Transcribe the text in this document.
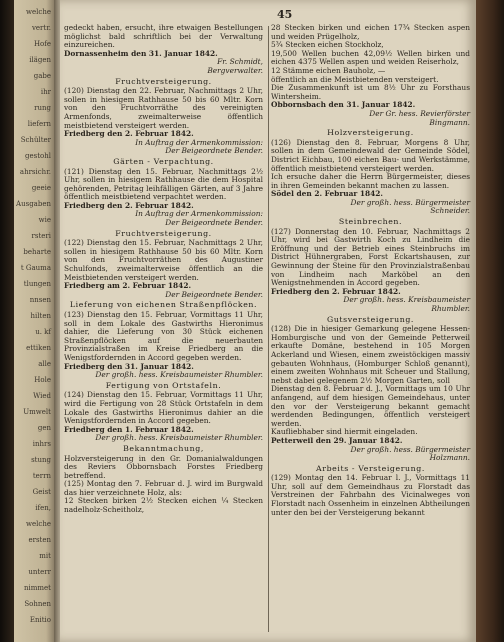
welche
vertr.
Hofe
ilägen
gabe
ihr
rung
liefern
Schülter
gestohl
ahrsichr.
geeie
Ausgaben
wie
rsteri
beharte
t Gauma
tlungen
nnsen
hilten
u. kf
ettiken
alle
Hole
Wied
Umwelt
gen
inhrs
stung
terrn
Geist
ifen,
welche
ersten
mit
unterr
nimmet
Sohnen
Enitio
45

gedeckt haben, ersucht, ihre etwaigen Bestellungen möglichst bald schriftlich bei der Verwaltung einzureichen.

Dornassenheim den 31. Januar 1842.

Fr. Schmidt,

Bergverwalter.

Fruchtversteigerung.

(120) Dienstag den 22. Februar, Nachmittags 2 Uhr, sollen in hiesigem Rathhause 50 bis 60 Mltr. Korn von den Fruchtvorräthe des vereinigten Armenfonds, zweimalterweise öffentlich meistbietend versteigert werden.

Friedberg den 2. Februar 1842.

In Auftrag der Armenkommission:

Der Beigeordnete Bender.

Gärten - Verpachtung.

(121) Dienstag den 15. Februar, Nachmittags 2½ Uhr, sollen in hiesigem Rathhause die dem Hospital gehörenden, Petritag leihfälligen Gärten, auf 3 Jahre öffentlich meistbietend verpachtet werden.

Friedberg den 2. Februar 1842.

In Auftrag der Armenkommission:

Der Beigeordnete Bender.

Fruchtversteigerung.

(122) Dienstag den 15. Februar, Nachmittags 2 Uhr, sollen in hiesigem Rathhause 50 bis 60 Mltr. Korn von den Fruchtvorräthen des Augustiner Schulfonds, zweimalterweise öffentlich an die Meistbietenden versteigert werden.

Friedberg am 2. Februar 1842.

Der Beigeordnete Bender.

Lieferung von eichenen Straßenpflöcken.

(123) Dienstag den 15. Februar, Vormittags 11 Uhr, soll in dem Lokale des Gastwirths Hieronimus dahier, die Lieferung von 30 Stück eichenen Straßenpflöcken auf die neuerbauten Provinzialstraßen im Kreise Friedberg an die Wenigstfordernden in Accord gegeben werden.

Friedberg den 31. Januar 1842.

Der großh. hess. Kreisbaumeister Rhumbler.

Fertigung von Ortstafeln.

(124) Dienstag den 15. Februar, Vormittags 11 Uhr, wird die Fertigung von 28 Stück Ortstafeln in dem Lokale des Gastwirths Hieronimus dahier an die Wenigstfordernden in Accord gegeben.

Friedberg den 1. Februar 1842.

Der großh. hess. Kreisbaumeister Rhumbler.

Bekanntmachung,

Holzversteigerung in den Gr. Domanialwaldungen des Reviers Obbornsbach Forstes Friedberg betreffend.

(125) Montag den 7. Februar d. J. wird im Burgwald das hier verzeichnete Holz, als:

12 Stecken birken 2½ Stecken eichen ¼ Stecken nadelholz-Scheitholz,

28 Stecken birken und eichen 17¾ Stecken aspen und weiden Prügelholz,

5¾ Stecken eichen Stockholz,

19,500 Wellen buchen 42,09½ Wellen birken und eichen 4375 Wellen aspen und weiden Reiserholz,

12 Stämme eichen Bauholz, —

öffentlich an die Meistbietenden versteigert.

Die Zusammenkunft ist um 8½ Uhr zu Forsthaus Wintersheim.

Obbornsbach den 31. Januar 1842.

Der Gr. hess. Revierförster

Bingmann.

Holzversteigerung.

(126) Dienstag den 8. Februar, Morgens 8 Uhr, sollen in dem Gemeindewald der Gemeinde Södel, District Eichbau, 100 eichen Bau- und Werkstämme, öffentlich meistbietend versteigert werden.

Ich ersuche daher die Herrn Bürgermeister, dieses in ihren Gemeinden bekannt machen zu lassen.

Södel den 2. Februar 1842.

Der großh. hess. Bürgermeister

Schneider.

Steinbrechen.

(127) Donnerstag den 10. Februar, Nachmittags 2 Uhr, wird bei Gastwirth Koch zu Lindheim die Eröffnung und der Betrieb eines Steinbruchs im District Hühnergraben, Forst Eckartshausen, zur Gewinnung der Steine für den Provinzialstraßenbau von Lindheim nach Marköbel an den Wenigstnehmenden in Accord gegeben.

Friedberg den 2. Februar 1842.

Der großh. hess. Kreisbaumeister

Rhumbler.

Gutsversteigerung.

(128) Die in hiesiger Gemarkung gelegene Hessen-Homburgische und von der Gemeinde Petterweil erkaufte Domäne, bestehend in 105 Morgen Ackerland und Wiesen, einem zweistöckigen massiv gebauten Wohnhaus, (Homburger Schloß genannt), einem zweiten Wohnhaus mit Scheuer und Stallung, nebst dabei gelegenem 2½ Morgen Garten, soll

Dienstag den 8. Februar d. J., Vormittags um 10 Uhr anfangend, auf dem hiesigen Gemeindehaus, unter den vor der Versteigerung bekannt gemacht werdenden Bedingungen, öffentlich versteigert werden.

Kaufliebhaber sind hiermit eingeladen.

Petterweil den 29. Januar 1842.

Der großh. hess. Bürgermeister

Holzmann.

Arbeits - Versteigerung.

(129) Montag den 14. Februar l. J., Vormittags 11 Uhr, soll auf dem Gemeindhaus zu Florstadt das Verstreinen der Fahrbahn des Vicinalweges von Florstadt nach Ossenheim in einzelnen Abtheilungen unter den bei der Versteigerung bekannt
